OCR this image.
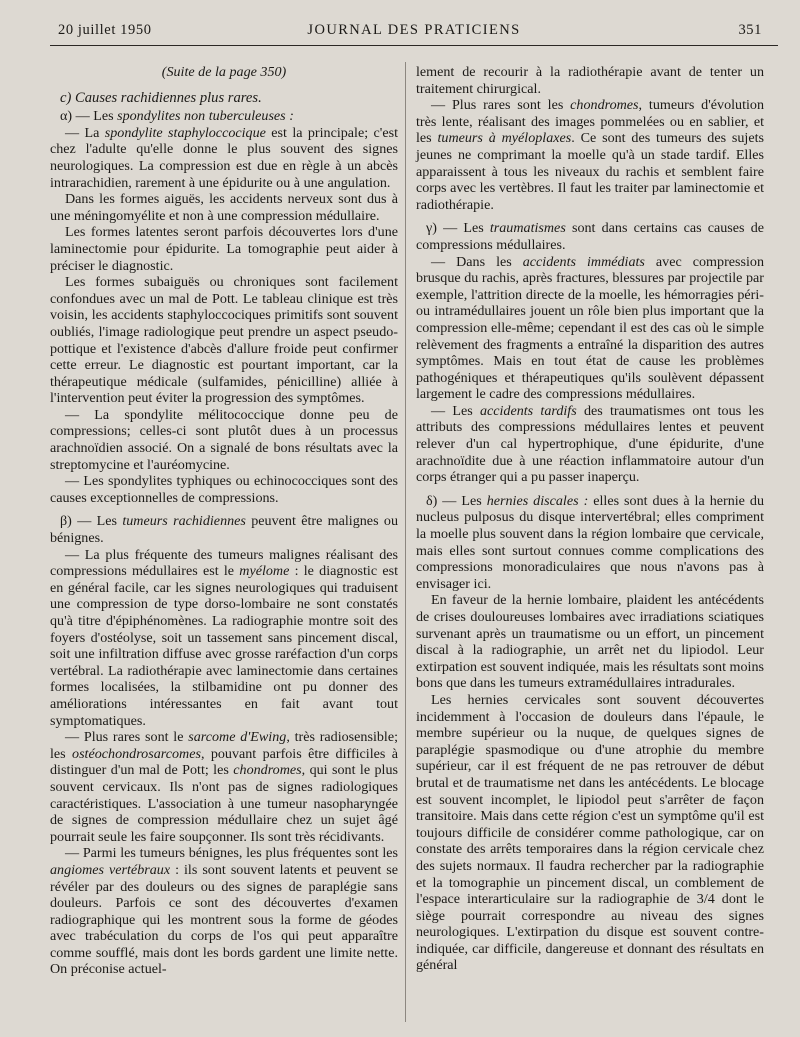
20 juillet 1950	JOURNAL DES PRATICIENS	351

(Suite de la page 350)

c) Causes rachidiennes plus rares.

α) — Les spondylites non tuberculeuses :

— La spondylite staphyloccocique est la principale; c'est chez l'adulte qu'elle donne le plus souvent des signes neurologiques. La compression est due en règle à un abcès intrarachidien, rarement à une épidurite ou à une angulation.

Dans les formes aiguës, les accidents nerveux sont dus à une méningomyélite et non à une compression médullaire.

Les formes latentes seront parfois découvertes lors d'une laminectomie pour épidurite. La tomographie peut aider à préciser le diagnostic.

Les formes subaiguës ou chroniques sont facilement confondues avec un mal de Pott. Le tableau clinique est très voisin, les accidents staphyloccociques primitifs sont souvent oubliés, l'image radiologique peut prendre un aspect pseudo-pottique et l'existence d'abcès d'allure froide peut confirmer cette erreur. Le diagnostic est pourtant important, car la thérapeutique médicale (sulfamides, pénicilline) alliée à l'intervention peut éviter la progression des symptômes.

— La spondylite mélitococcique donne peu de compressions; celles-ci sont plutôt dues à un processus arachnoïdien associé. On a signalé de bons résultats avec la streptomycine et l'auréomycine.

— Les spondylites typhiques ou echinococciques sont des causes exceptionnelles de compressions.

β) — Les tumeurs rachidiennes peuvent être malignes ou bénignes.

— La plus fréquente des tumeurs malignes réalisant des compressions médullaires est le myélome : le diagnostic est en général facile, car les signes neurologiques qui traduisent une compression de type dorso-lombaire ne sont constatés qu'à titre d'épiphénomènes. La radiographie montre soit des foyers d'ostéolyse, soit un tassement sans pincement discal, soit une infiltration diffuse avec grosse raréfaction d'un corps vertébral. La radiothérapie avec laminectomie dans certaines formes localisées, la stilbamidine ont pu donner des améliorations intéressantes en fait avant tout symptomatiques.

— Plus rares sont le sarcome d'Ewing, très radiosensible; les ostéochondrosarcomes, pouvant parfois être difficiles à distinguer d'un mal de Pott; les chondromes, qui sont le plus souvent cervicaux. Ils n'ont pas de signes radiologiques caractéristiques. L'association à une tumeur nasopharyngée de signes de compression médullaire chez un sujet âgé pourrait seule les faire soupçonner. Ils sont très récidivants.

— Parmi les tumeurs bénignes, les plus fréquentes sont les angiomes vertébraux : ils sont souvent latents et peuvent se révéler par des douleurs ou des signes de paraplégie sans douleurs. Parfois ce sont des découvertes d'examen radiographique qui les montrent sous la forme de géodes avec trabéculation du corps de l'os qui peut apparaître comme soufflé, mais dont les bords gardent une limite nette. On préconise actuel-

lement de recourir à la radiothérapie avant de tenter un traitement chirurgical.

— Plus rares sont les chondromes, tumeurs d'évolution très lente, réalisant des images pommelées ou en sablier, et les tumeurs à myéloplaxes. Ce sont des tumeurs des sujets jeunes ne comprimant la moelle qu'à un stade tardif. Elles apparaissent à tous les niveaux du rachis et semblent faire corps avec les vertèbres. Il faut les traiter par laminectomie et radiothérapie.

γ) — Les traumatismes sont dans certains cas causes de compressions médullaires.

— Dans les accidents immédiats avec compression brusque du rachis, après fractures, blessures par projectile par exemple, l'attrition directe de la moelle, les hémorragies péri- ou intramédullaires jouent un rôle bien plus important que la compression elle-même; cependant il est des cas où le simple relèvement des fragments a entraîné la disparition des autres symptômes. Mais en tout état de cause les problèmes pathogéniques et thérapeutiques qu'ils soulèvent dépassent largement le cadre des compressions médullaires.

— Les accidents tardifs des traumatismes ont tous les attributs des compressions médullaires lentes et peuvent relever d'un cal hypertrophique, d'une épidurite, d'une arachnoïdite due à une réaction inflammatoire autour d'un corps étranger qui a pu passer inaperçu.

δ) — Les hernies discales : elles sont dues à la hernie du nucleus pulposus du disque intervertébral; elles compriment la moelle plus souvent dans la région lombaire que cervicale, mais elles sont surtout connues comme complications des compressions monoradiculaires que nous n'avons pas à envisager ici.

En faveur de la hernie lombaire, plaident les antécédents de crises douloureuses lombaires avec irradiations sciatiques survenant après un traumatisme ou un effort, un pincement discal à la radiographie, un arrêt net du lipiodol. Leur extirpation est souvent indiquée, mais les résultats sont moins bons que dans les tumeurs extramédullaires intradurales.

Les hernies cervicales sont souvent découvertes incidemment à l'occasion de douleurs dans l'épaule, le membre supérieur ou la nuque, de quelques signes de paraplégie spasmodique ou d'une atrophie du membre supérieur, car il est fréquent de ne pas retrouver de début brutal et de traumatisme net dans les antécédents. Le blocage est souvent incomplet, le lipiodol peut s'arrêter de façon transitoire. Mais dans cette région c'est un symptôme qu'il est toujours difficile de considérer comme pathologique, car on constate des arrêts temporaires dans la région cervicale chez des sujets normaux. Il faudra rechercher par la radiographie et la tomographie un pincement discal, un comblement de l'espace interarticulaire sur la radiographie de 3/4 dont le siège pourrait correspondre au niveau des signes neurologiques. L'extirpation du disque est souvent contre-indiquée, car difficile, dangereuse et donnant des résultats en général
